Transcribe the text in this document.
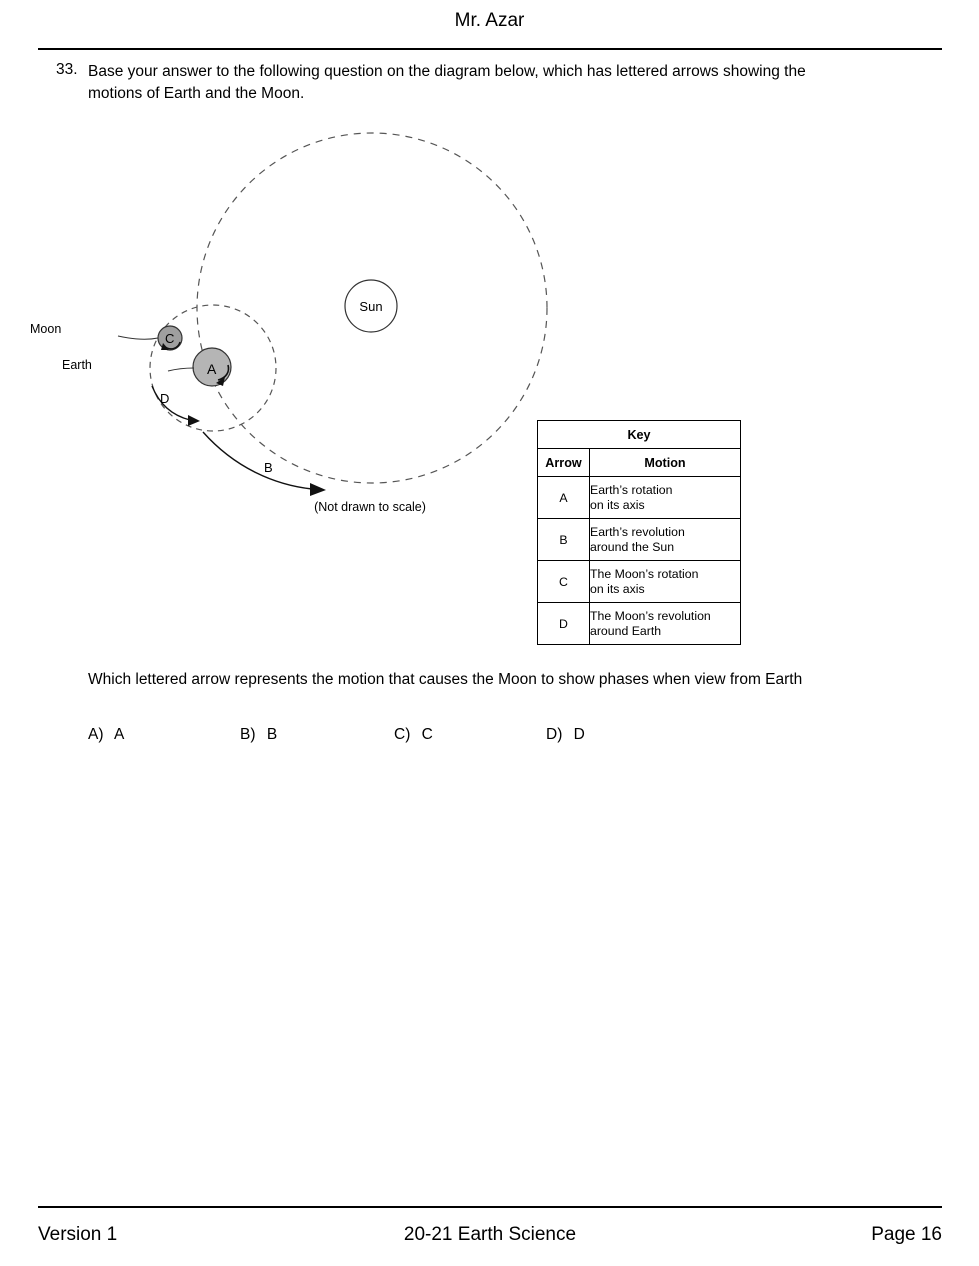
Mr. Azar
33. Base your answer to the following question on the diagram below, which has lettered arrows showing the motions of Earth and the Moon.
A
C
D
B
Sun
Moon
Earth
(Not drawn to scale)
Key	
Arrow	Motion
A	Earth’s rotation
on its axis

B	Earth’s revolution
around the Sun

C	The Moon’s rotation
on its axis

D	The Moon’s revolution
around Earth
Which lettered arrow represents the motion that causes the Moon to show phases when view from Earth
A) A	B) B	C) C	D) D
Version 1	20-21 Earth Science	Page 16
